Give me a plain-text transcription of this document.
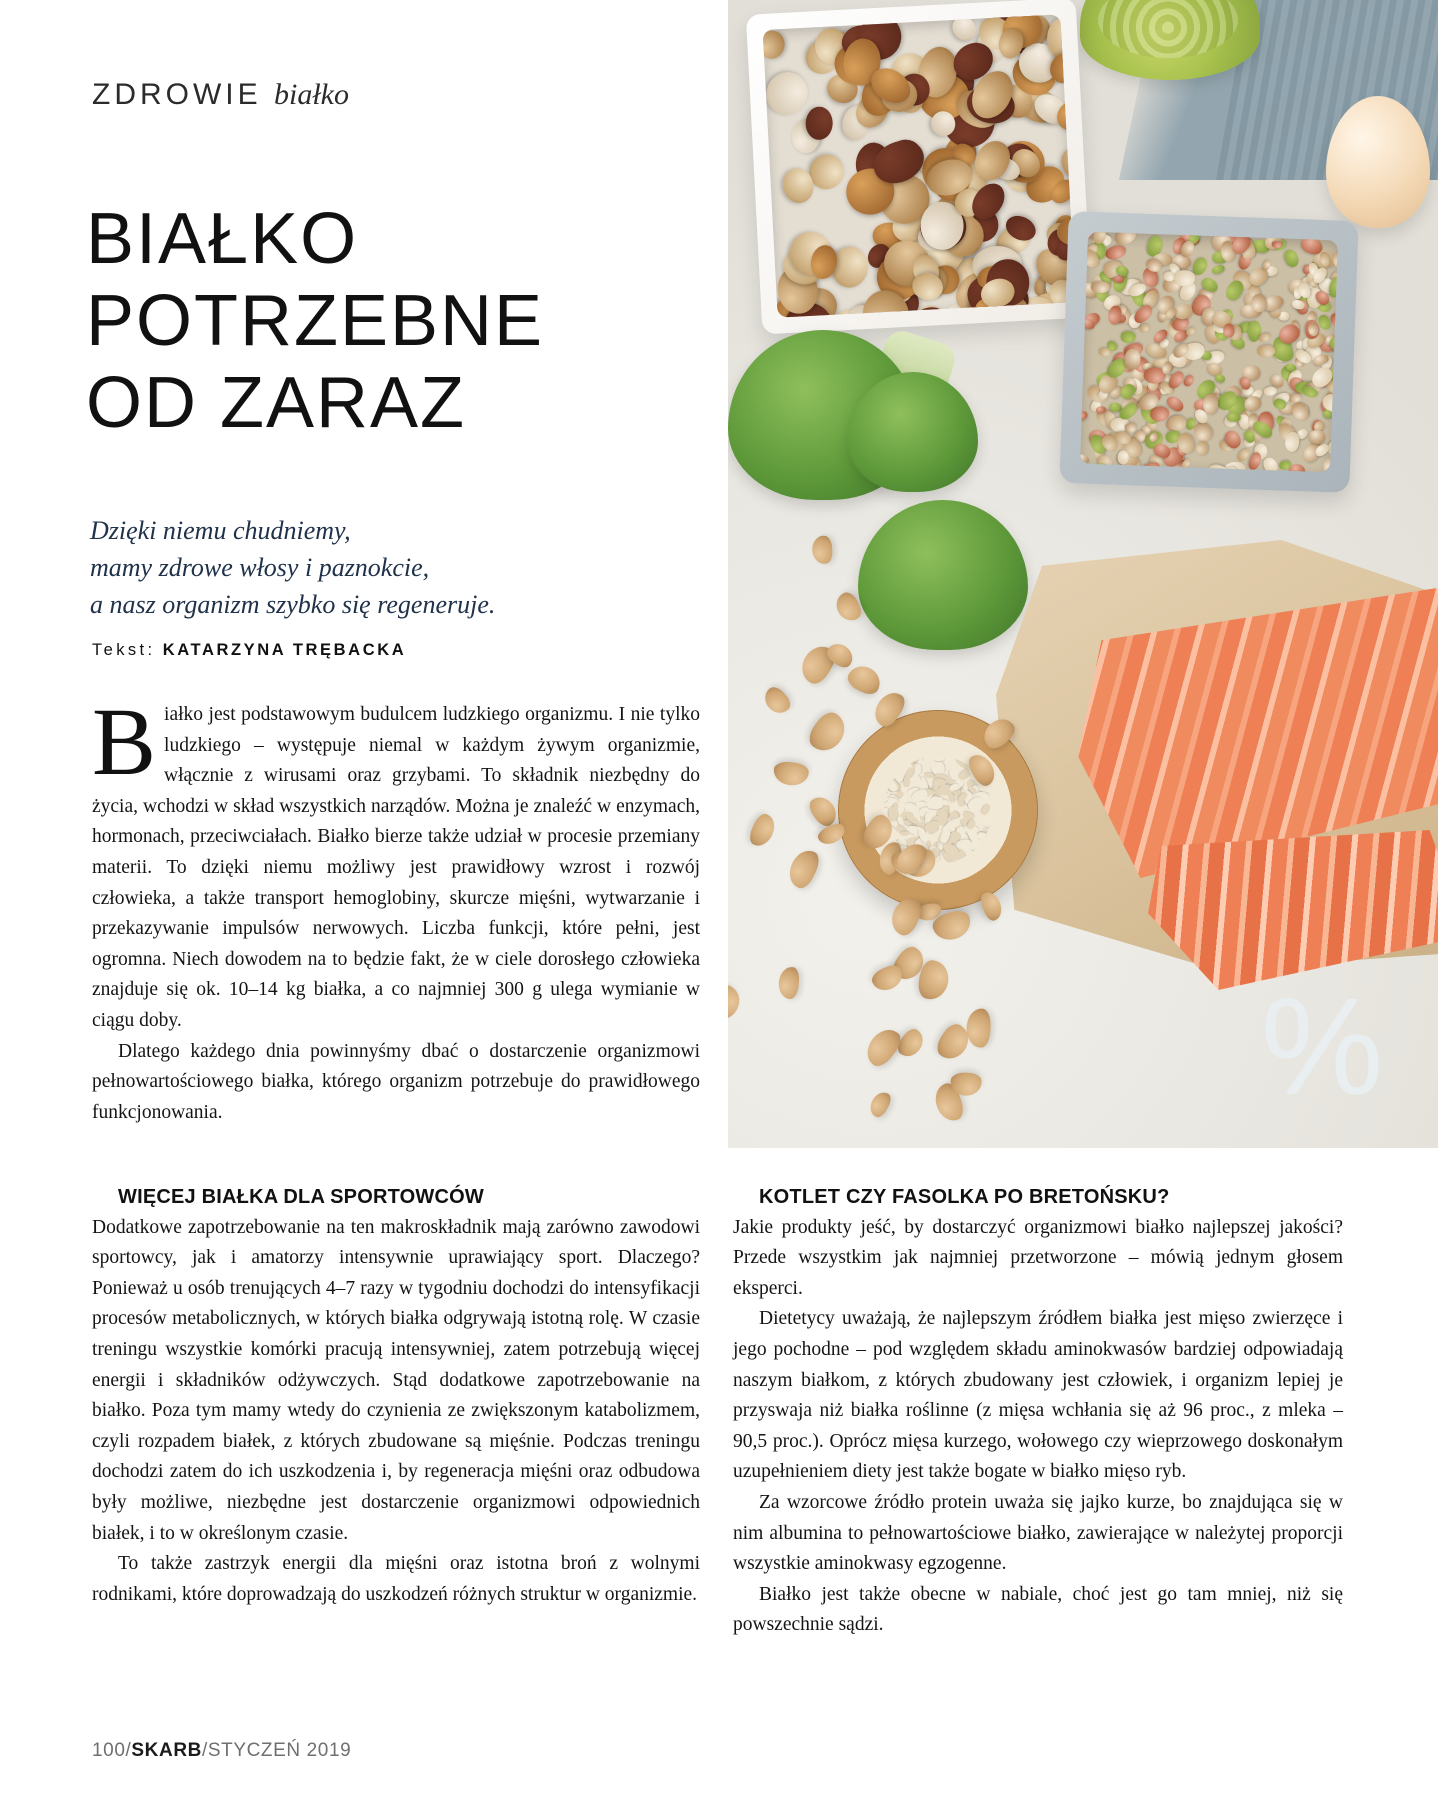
%
ZDROWIE białko
BIAŁKO
POTRZEBNE
OD ZARAZ
Dzięki niemu chudniemy,
mamy zdrowe włosy i paznokcie,
a nasz organizm szybko się regeneruje.
Tekst: KATARZYNA TRĘBACKA

Białko jest podstawowym budulcem ludzkiego organizmu. I nie tylko ludzkiego – występuje niemal w każdym żywym organizmie, włącznie z wirusami oraz grzybami. To składnik niezbędny do życia, wchodzi w skład wszystkich narządów. Można je znaleźć w enzymach, hormonach, przeciwciałach. Białko bierze także udział w procesie przemiany materii. To dzięki niemu możliwy jest prawidłowy wzrost i rozwój człowieka, a także transport hemoglobiny, skurcze mięśni, wytwarzanie i przekazywanie impulsów nerwowych. Liczba funkcji, które pełni, jest ogromna. Niech dowodem na to będzie fakt, że w ciele dorosłego człowieka znajduje się ok. 10–14 kg białka, a co najmniej 300 g ulega wymianie w ciągu doby.

Dlatego każdego dnia powinnyśmy dbać o dostarczenie organizmowi pełnowartościowego białka, którego organizm potrzebuje do prawidłowego funkcjonowania.

WIĘCEJ BIAŁKA DLA SPORTOWCÓW

Dodatkowe zapotrzebowanie na ten makroskładnik mają zarówno zawodowi sportowcy, jak i amatorzy intensywnie uprawiający sport. Dlaczego? Ponieważ u osób trenujących 4–7 razy w tygodniu dochodzi do intensyfikacji procesów metabolicznych, w których białka odgrywają istotną rolę. W czasie treningu wszystkie komórki pracują intensywniej, zatem potrzebują więcej energii i składników odżywczych. Stąd dodatkowe zapotrzebowanie na białko. Poza tym mamy wtedy do czynienia ze zwiększonym katabolizmem, czyli rozpadem białek, z których zbudowane są mięśnie. Podczas treningu dochodzi zatem do ich uszkodzenia i, by regeneracja mięśni oraz odbudowa były możliwe, niezbędne jest dostarczenie organizmowi odpowiednich białek, i to w określonym czasie.

To także zastrzyk energii dla mięśni oraz istotna broń z wolnymi rodnikami, które doprowadzają do uszkodzeń różnych struktur w organizmie.

KOTLET CZY FASOLKA PO BRETOŃSKU?

Jakie produkty jeść, by dostarczyć organizmowi białko najlepszej jakości? Przede wszystkim jak najmniej przetworzone – mówią jednym głosem eksperci.

Dietetycy uważają, że najlepszym źródłem białka jest mięso zwierzęce i jego pochodne – pod względem składu aminokwasów bardziej odpowiadają naszym białkom, z których zbudowany jest człowiek, i organizm lepiej je przyswaja niż białka roślinne (z mięsa wchłania się aż 96 proc., z mleka – 90,5 proc.). Oprócz mięsa kurzego, wołowego czy wieprzowego doskonałym uzupełnieniem diety jest także bogate w białko mięso ryb.

Za wzorcowe źródło protein uważa się jajko kurze, bo znajdująca się w nim albumina to pełnowartościowe białko, zawierające w należytej proporcji wszystkie aminokwasy egzogenne.

Białko jest także obecne w nabiale, choć jest go tam mniej, niż się powszechnie sądzi.

100/SKARB/STYCZEŃ 2019
